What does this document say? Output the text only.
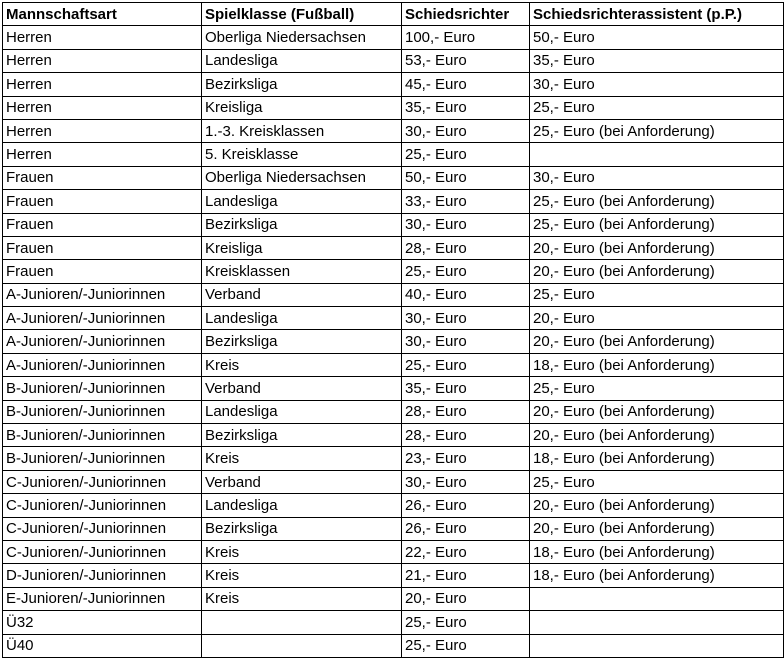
Mannschaftsart	Spielklasse (Fußball)	Schiedsrichter	Schiedsrichterassistent (p.P.)
Herren	Oberliga Niedersachsen	100,- Euro	50,- Euro
Herren	Landesliga	53,- Euro	35,- Euro
Herren	Bezirksliga	45,- Euro	30,- Euro
Herren	Kreisliga	35,- Euro	25,- Euro
Herren	1.-3. Kreisklassen	30,- Euro	25,- Euro (bei Anforderung)
Herren	5. Kreisklasse	25,- Euro	
Frauen	Oberliga Niedersachsen	50,- Euro	30,- Euro
Frauen	Landesliga	33,- Euro	25,- Euro (bei Anforderung)
Frauen	Bezirksliga	30,- Euro	25,- Euro (bei Anforderung)
Frauen	Kreisliga	28,- Euro	20,- Euro (bei Anforderung)
Frauen	Kreisklassen	25,- Euro	20,- Euro (bei Anforderung)
A-Junioren/-Juniorinnen	Verband	40,- Euro	25,- Euro
A-Junioren/-Juniorinnen	Landesliga	30,- Euro	20,- Euro
A-Junioren/-Juniorinnen	Bezirksliga	30,- Euro	20,- Euro (bei Anforderung)
A-Junioren/-Juniorinnen	Kreis	25,- Euro	18,- Euro (bei Anforderung)
B-Junioren/-Juniorinnen	Verband	35,- Euro	25,- Euro
B-Junioren/-Juniorinnen	Landesliga	28,- Euro	20,- Euro (bei Anforderung)
B-Junioren/-Juniorinnen	Bezirksliga	28,- Euro	20,- Euro (bei Anforderung)
B-Junioren/-Juniorinnen	Kreis	23,- Euro	18,- Euro (bei Anforderung)
C-Junioren/-Juniorinnen	Verband	30,- Euro	25,- Euro
C-Junioren/-Juniorinnen	Landesliga	26,- Euro	20,- Euro (bei Anforderung)
C-Junioren/-Juniorinnen	Bezirksliga	26,- Euro	20,- Euro (bei Anforderung)
C-Junioren/-Juniorinnen	Kreis	22,- Euro	18,- Euro (bei Anforderung)
D-Junioren/-Juniorinnen	Kreis	21,- Euro	18,- Euro (bei Anforderung)
E-Junioren/-Juniorinnen	Kreis	20,- Euro	
Ü32		25,- Euro	
Ü40		25,- Euro	
